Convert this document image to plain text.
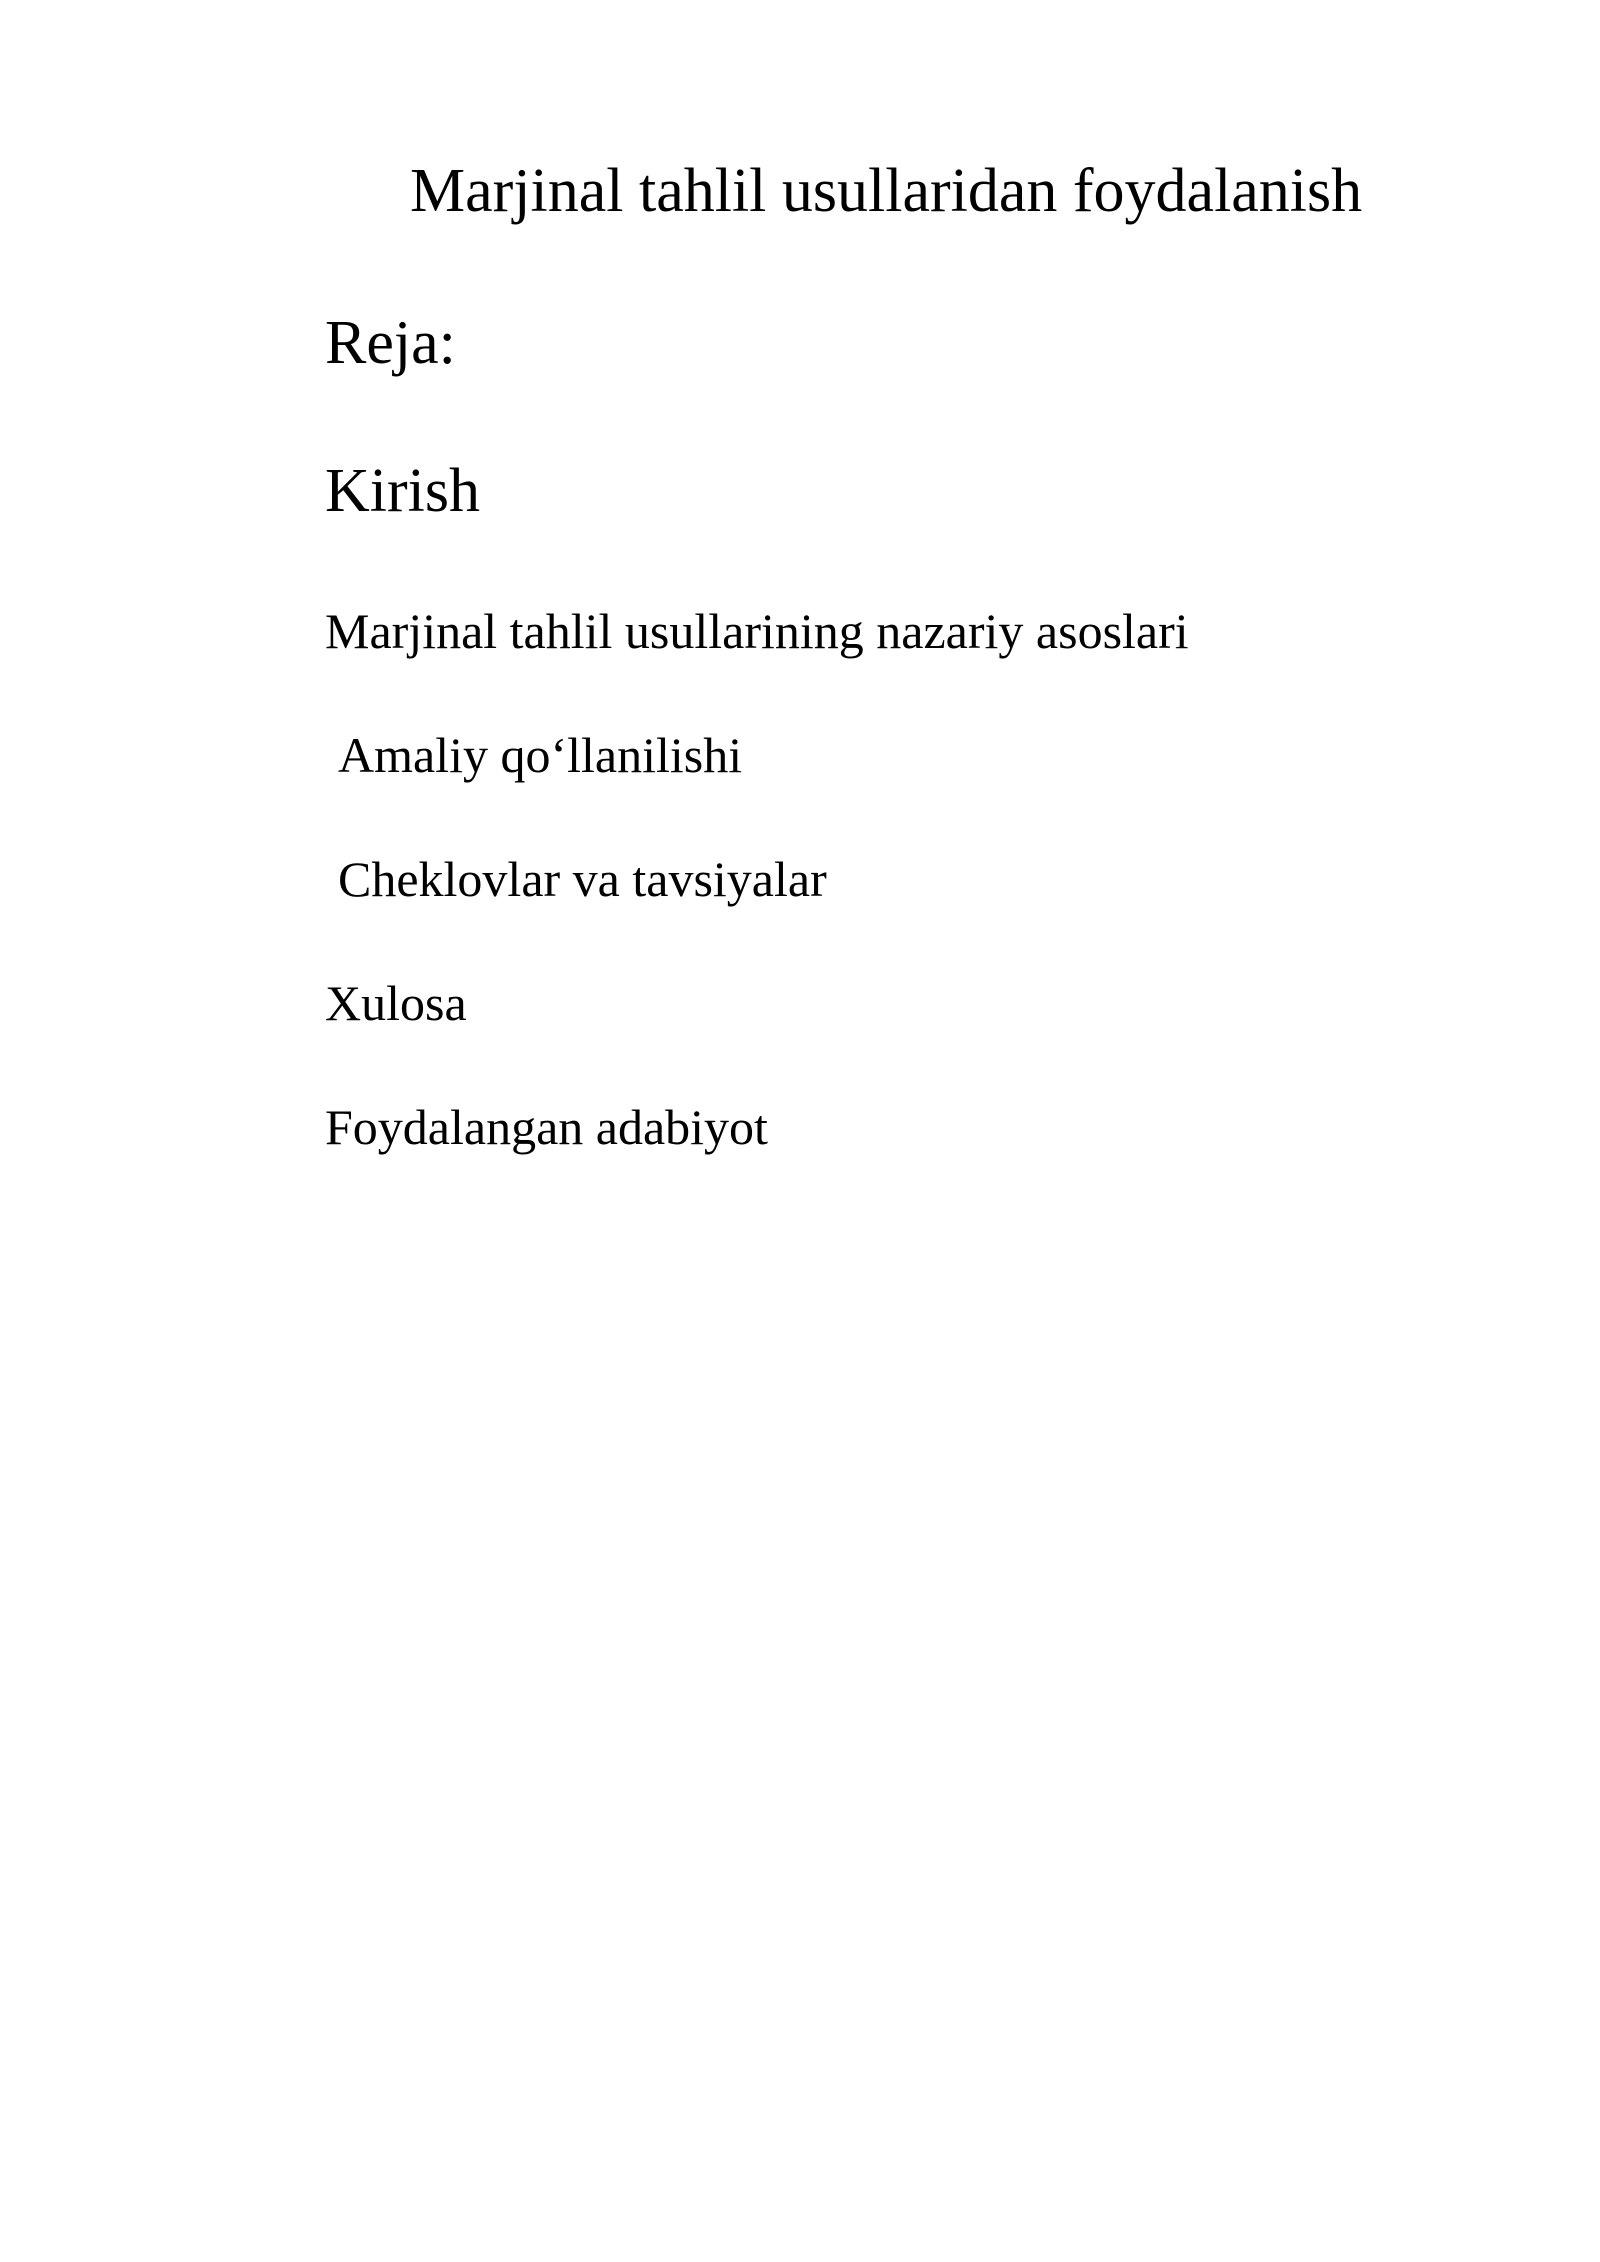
Marjinal tahlil usullaridan foydalanish
Reja:
Kirish
Marjinal tahlil usullarining nazariy asoslari
Amaliy qo‘llanilishi
Cheklovlar va tavsiyalar
Xulosa
Foydalangan adabiyot
